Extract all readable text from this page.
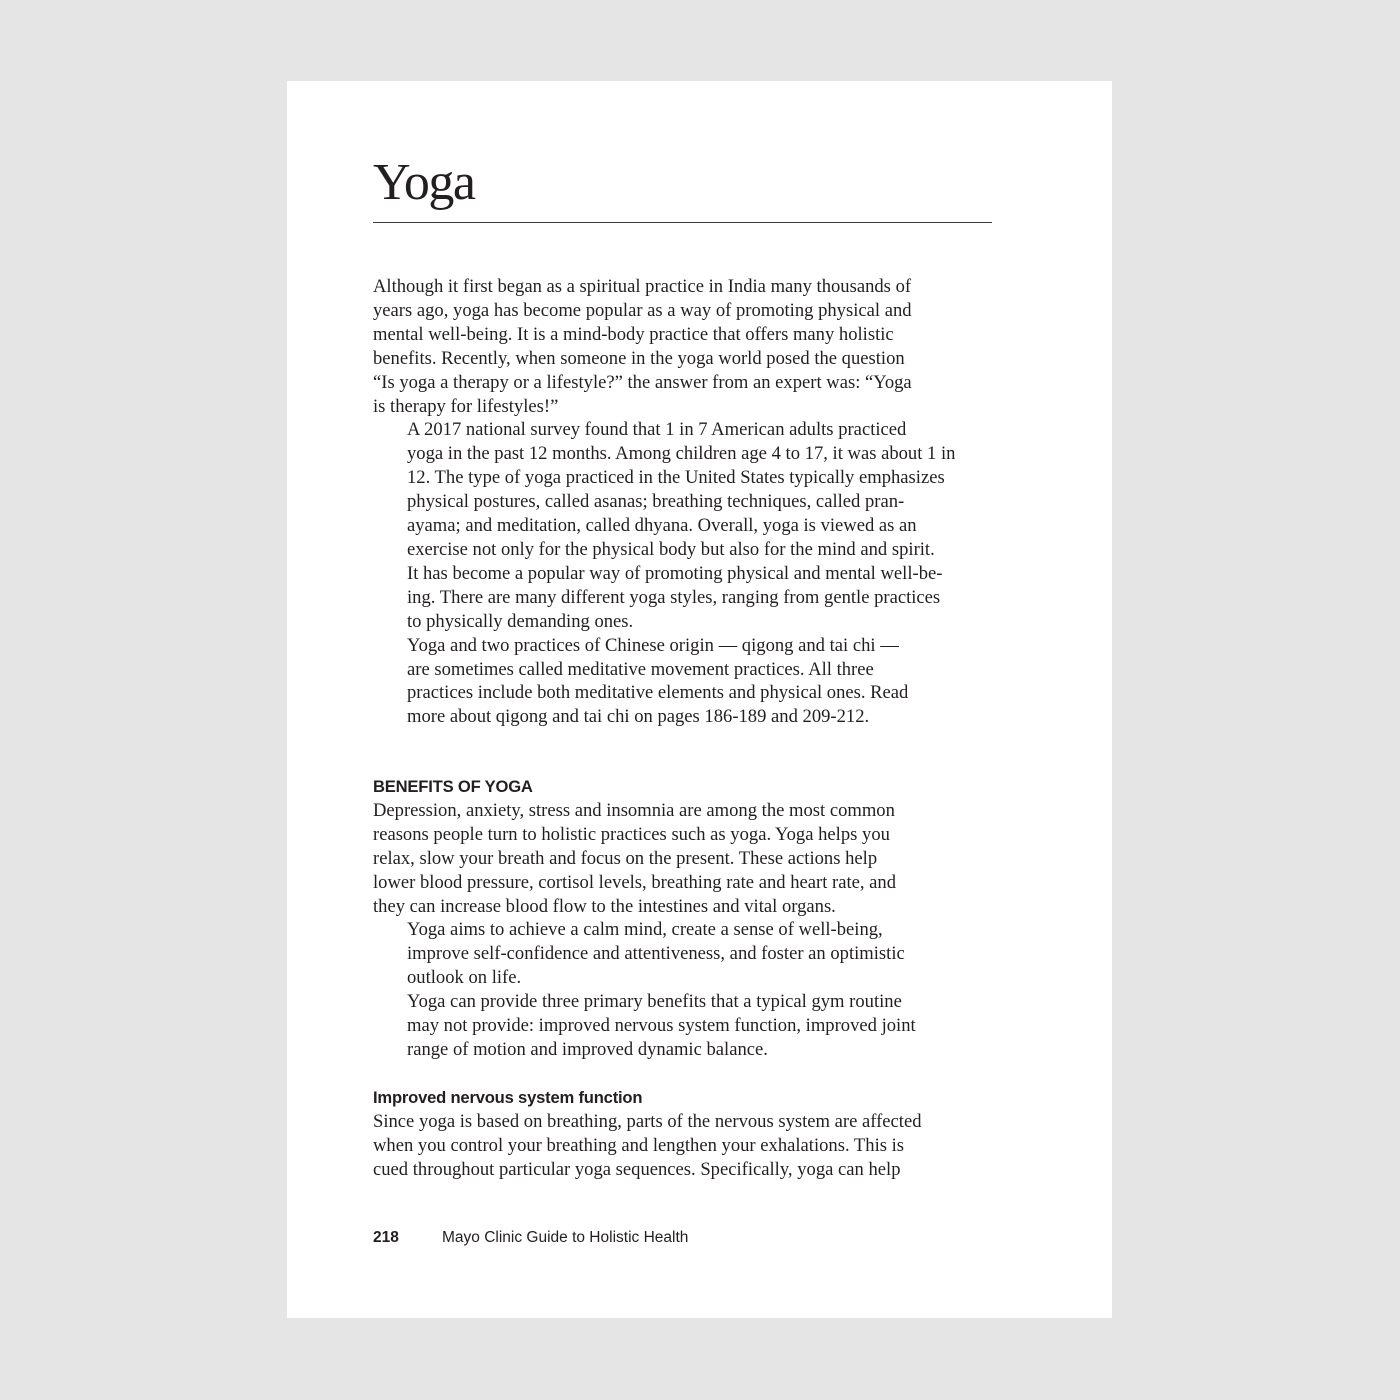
Yoga

Although it first began as a spiritual practice in India many thousands of
years ago, yoga has become popular as a way of promoting physical and
mental well-being. It is a mind-body practice that offers many holistic
benefits. Recently, when someone in the yoga world posed the question
“Is yoga a therapy or a lifestyle?” the answer from an expert was: “Yoga
is therapy for lifestyles!”

A 2017 national survey found that 1 in 7 American adults practiced
yoga in the past 12 months. Among children age 4 to 17, it was about 1 in
12. The type of yoga practiced in the United States typically emphasizes
physical postures, called asanas; breathing techniques, called pran-
ayama; and meditation, called dhyana. Overall, yoga is viewed as an
exercise not only for the physical body but also for the mind and spirit.
It has become a popular way of promoting physical and mental well-be-
ing. There are many different yoga styles, ranging from gentle practices
to physically demanding ones.

Yoga and two practices of Chinese origin — qigong and tai chi —
are sometimes called meditative movement practices. All three
practices include both meditative elements and physical ones. Read
more about qigong and tai chi on pages 186-189 and 209-212.

BENEFITS OF YOGA

Depression, anxiety, stress and insomnia are among the most common
reasons people turn to holistic practices such as yoga. Yoga helps you
relax, slow your breath and focus on the present. These actions help
lower blood pressure, cortisol levels, breathing rate and heart rate, and
they can increase blood flow to the intestines and vital organs.

Yoga aims to achieve a calm mind, create a sense of well-being,
improve self-confidence and attentiveness, and foster an optimistic
outlook on life.

Yoga can provide three primary benefits that a typical gym routine
may not provide: improved nervous system function, improved joint
range of motion and improved dynamic balance.

Improved nervous system function

Since yoga is based on breathing, parts of the nervous system are affected
when you control your breathing and lengthen your exhalations. This is
cued throughout particular yoga sequences. Specifically, yoga can help

218	Mayo Clinic Guide to Holistic Health
